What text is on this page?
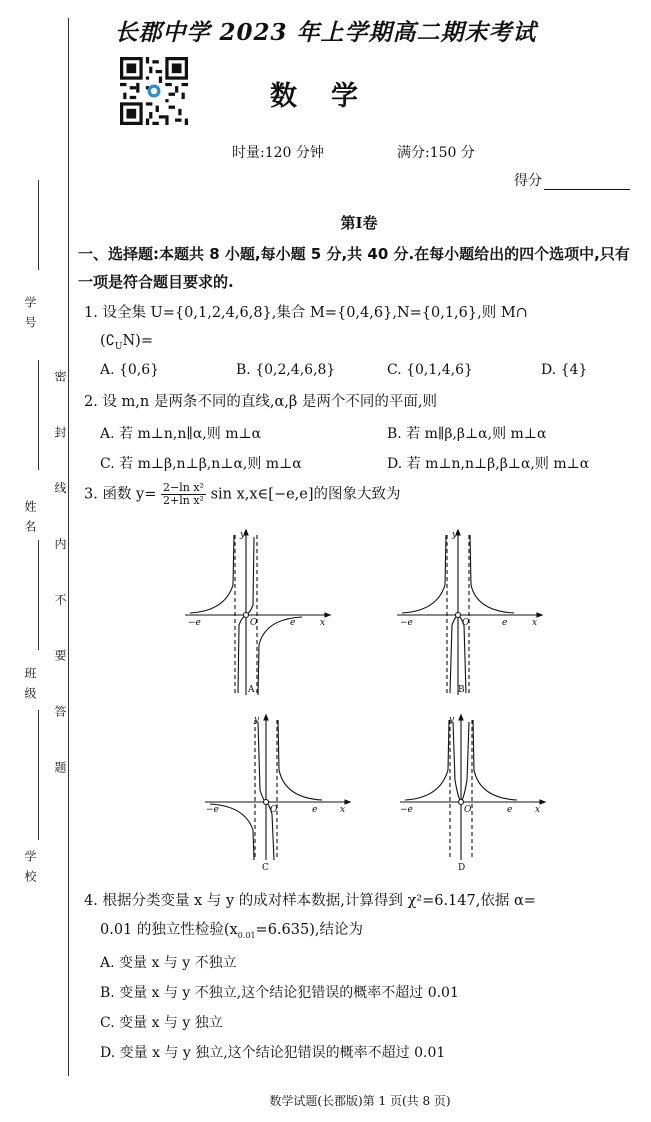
学 号
姓 名
班 级
学 校
密 封 线 内 不 要 答 题
长郡中学 2023 年上学期高二期末考试
数学
时量:120 分钟	满分:150 分
得分
第Ⅰ卷
一、选择题:本题共 8 小题,每小题 5 分,共 40 分.在每小题给出的四个选项中,只有一项是符合题目要求的.
1. 设全集 U={0,1,2,4,6,8},集合 M={0,4,6},N={0,1,6},则 M∩
$(∁_UN)=$
A. {0,6}	B. {0,2,4,6,8}	C. {0,1,4,6}	D. {4}
2. 设 m,n 是两条不同的直线,α,β 是两个不同的平面,则
A. 若 m⊥n,n∥α,则 m⊥α	B. 若 m∥β,β⊥α,则 m⊥α
C. 若 m⊥β,n⊥β,n⊥α,则 m⊥α	D. 若 m⊥n,n⊥β,β⊥α,则 m⊥α
3. 函数 $y= \frac{\text{2−ln x²}}{\text{2+ln x²}}$ sin x,x∈[−e,e]的图象大致为
y
x
O
−e	e
A
y
x
O
−e	e
B
y
x
O
−e	e
C
y
x
O
−e	e
D
4. 根据分类变量 x 与 y 的成对样本数据,计算得到 χ²=6.147,依据 α=
0.01 的独立性检验$(x_{0.01}=6.635)$,结论为
A. 变量 x 与 y 不独立
B. 变量 x 与 y 不独立,这个结论犯错误的概率不超过 0.01
C. 变量 x 与 y 独立
D. 变量 x 与 y 独立,这个结论犯错误的概率不超过 0.01
数学试题(长郡版)第 1 页(共 8 页)
